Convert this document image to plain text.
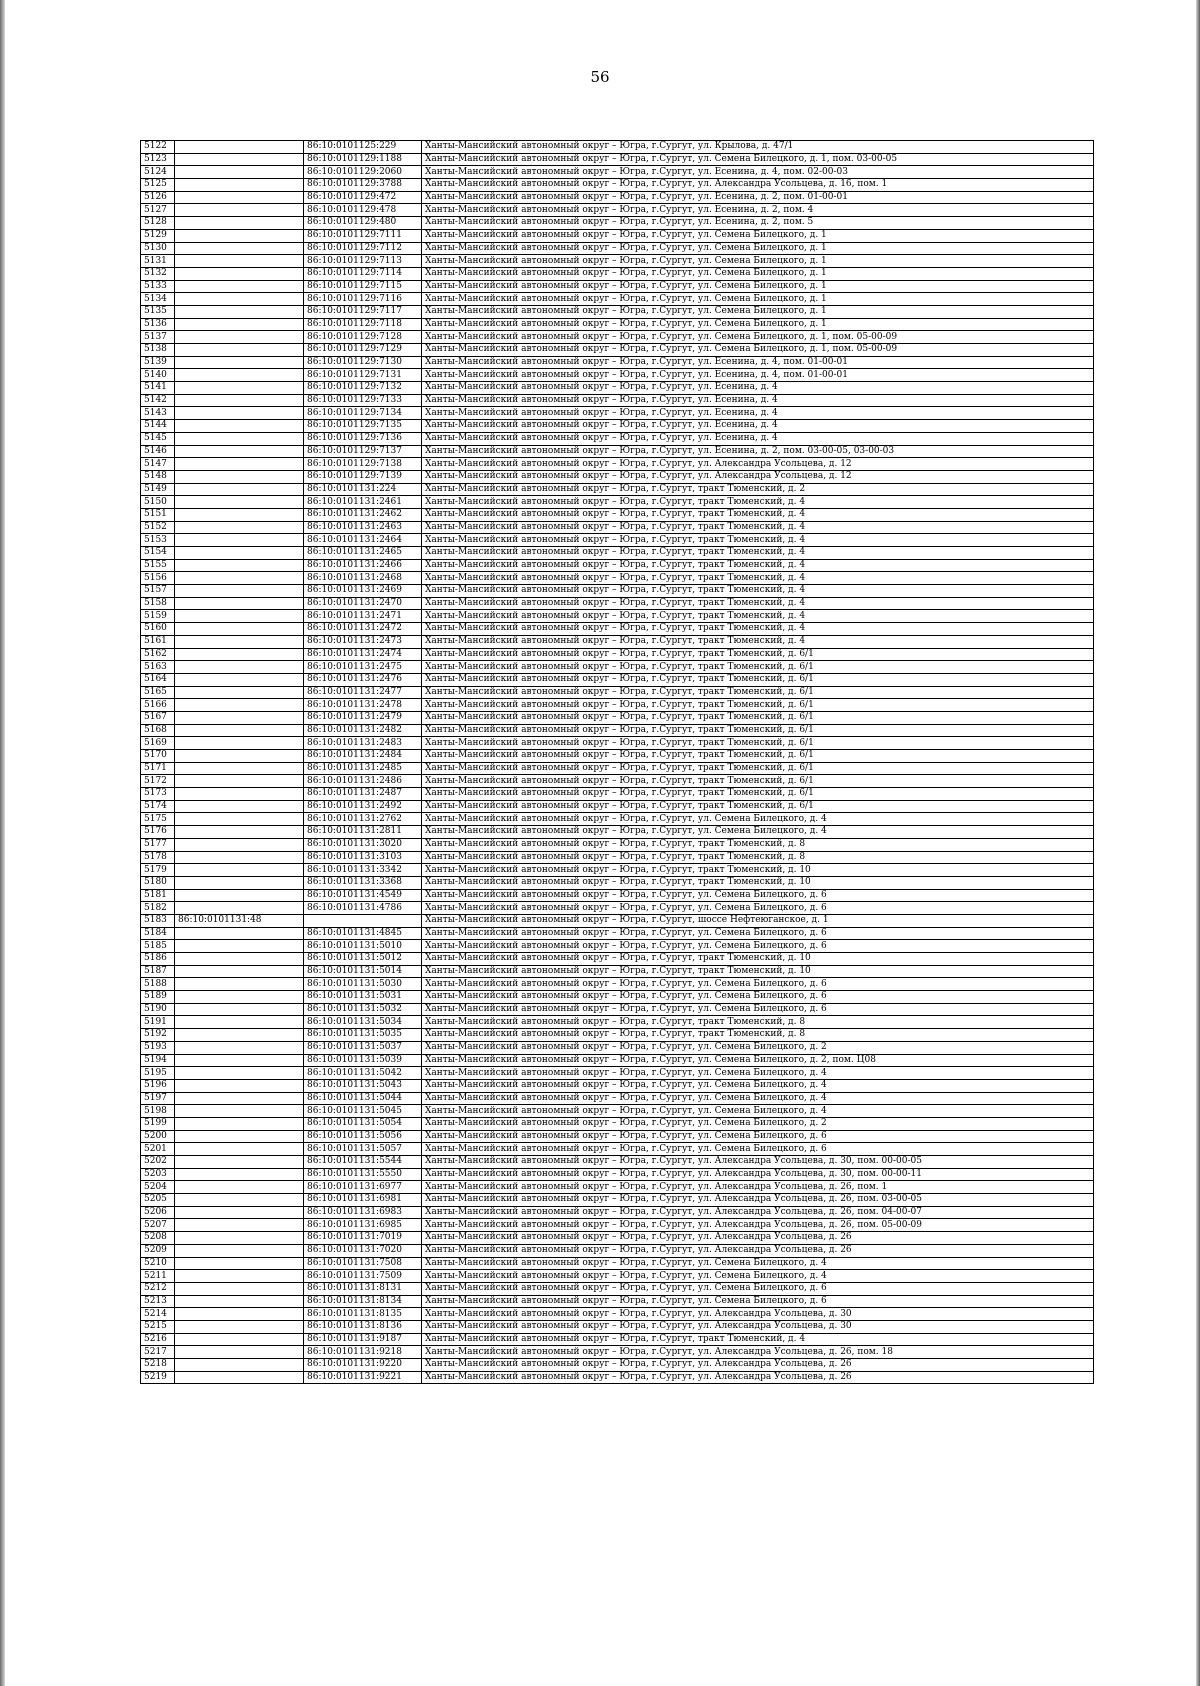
56
5122		86:10:0101125:229	Ханты-Мансийский автономный округ – Югра, г.Сургут, ул. Крылова, д. 47/1
5123		86:10:0101129:1188	Ханты-Мансийский автономный округ – Югра, г.Сургут, ул. Семена Билецкого, д. 1, пом. 03-00-05
5124		86:10:0101129:2060	Ханты-Мансийский автономный округ – Югра, г.Сургут, ул. Есенина, д. 4, пом. 02-00-03
5125		86:10:0101129:3788	Ханты-Мансийский автономный округ – Югра, г.Сургут, ул. Александра Усольцева, д. 16, пом. 1
5126		86:10:0101129:472	Ханты-Мансийский автономный округ – Югра, г.Сургут, ул. Есенина, д. 2, пом. 01-00-01
5127		86:10:0101129:478	Ханты-Мансийский автономный округ – Югра, г.Сургут, ул. Есенина, д. 2, пом. 4
5128		86:10:0101129:480	Ханты-Мансийский автономный округ – Югра, г.Сургут, ул. Есенина, д. 2, пом. 5
5129		86:10:0101129:7111	Ханты-Мансийский автономный округ – Югра, г.Сургут, ул. Семена Билецкого, д. 1
5130		86:10:0101129:7112	Ханты-Мансийский автономный округ – Югра, г.Сургут, ул. Семена Билецкого, д. 1
5131		86:10:0101129:7113	Ханты-Мансийский автономный округ – Югра, г.Сургут, ул. Семена Билецкого, д. 1
5132		86:10:0101129:7114	Ханты-Мансийский автономный округ – Югра, г.Сургут, ул. Семена Билецкого, д. 1
5133		86:10:0101129:7115	Ханты-Мансийский автономный округ – Югра, г.Сургут, ул. Семена Билецкого, д. 1
5134		86:10:0101129:7116	Ханты-Мансийский автономный округ – Югра, г.Сургут, ул. Семена Билецкого, д. 1
5135		86:10:0101129:7117	Ханты-Мансийский автономный округ – Югра, г.Сургут, ул. Семена Билецкого, д. 1
5136		86:10:0101129:7118	Ханты-Мансийский автономный округ – Югра, г.Сургут, ул. Семена Билецкого, д. 1
5137		86:10:0101129:7128	Ханты-Мансийский автономный округ – Югра, г.Сургут, ул. Семена Билецкого, д. 1, пом. 05-00-09
5138		86:10:0101129:7129	Ханты-Мансийский автономный округ – Югра, г.Сургут, ул. Семена Билецкого, д. 1, пом. 05-00-09
5139		86:10:0101129:7130	Ханты-Мансийский автономный округ – Югра, г.Сургут, ул. Есенина, д. 4, пом. 01-00-01
5140		86:10:0101129:7131	Ханты-Мансийский автономный округ – Югра, г.Сургут, ул. Есенина, д. 4, пом. 01-00-01
5141		86:10:0101129:7132	Ханты-Мансийский автономный округ – Югра, г.Сургут, ул. Есенина, д. 4
5142		86:10:0101129:7133	Ханты-Мансийский автономный округ – Югра, г.Сургут, ул. Есенина, д. 4
5143		86:10:0101129:7134	Ханты-Мансийский автономный округ – Югра, г.Сургут, ул. Есенина, д. 4
5144		86:10:0101129:7135	Ханты-Мансийский автономный округ – Югра, г.Сургут, ул. Есенина, д. 4
5145		86:10:0101129:7136	Ханты-Мансийский автономный округ – Югра, г.Сургут, ул. Есенина, д. 4
5146		86:10:0101129:7137	Ханты-Мансийский автономный округ – Югра, г.Сургут, ул. Есенина, д. 2, пом. 03-00-05, 03-00-03
5147		86:10:0101129:7138	Ханты-Мансийский автономный округ – Югра, г.Сургут, ул. Александра Усольцева, д. 12
5148		86:10:0101129:7139	Ханты-Мансийский автономный округ – Югра, г.Сургут, ул. Александра Усольцева, д. 12
5149		86:10:0101131:224	Ханты-Мансийский автономный округ – Югра, г.Сургут, тракт Тюменский, д. 2
5150		86:10:0101131:2461	Ханты-Мансийский автономный округ – Югра, г.Сургут, тракт Тюменский, д. 4
5151		86:10:0101131:2462	Ханты-Мансийский автономный округ – Югра, г.Сургут, тракт Тюменский, д. 4
5152		86:10:0101131:2463	Ханты-Мансийский автономный округ – Югра, г.Сургут, тракт Тюменский, д. 4
5153		86:10:0101131:2464	Ханты-Мансийский автономный округ – Югра, г.Сургут, тракт Тюменский, д. 4
5154		86:10:0101131:2465	Ханты-Мансийский автономный округ – Югра, г.Сургут, тракт Тюменский, д. 4
5155		86:10:0101131:2466	Ханты-Мансийский автономный округ – Югра, г.Сургут, тракт Тюменский, д. 4
5156		86:10:0101131:2468	Ханты-Мансийский автономный округ – Югра, г.Сургут, тракт Тюменский, д. 4
5157		86:10:0101131:2469	Ханты-Мансийский автономный округ – Югра, г.Сургут, тракт Тюменский, д. 4
5158		86:10:0101131:2470	Ханты-Мансийский автономный округ – Югра, г.Сургут, тракт Тюменский, д. 4
5159		86:10:0101131:2471	Ханты-Мансийский автономный округ – Югра, г.Сургут, тракт Тюменский, д. 4
5160		86:10:0101131:2472	Ханты-Мансийский автономный округ – Югра, г.Сургут, тракт Тюменский, д. 4
5161		86:10:0101131:2473	Ханты-Мансийский автономный округ – Югра, г.Сургут, тракт Тюменский, д. 4
5162		86:10:0101131:2474	Ханты-Мансийский автономный округ – Югра, г.Сургут, тракт Тюменский, д. 6/1
5163		86:10:0101131:2475	Ханты-Мансийский автономный округ – Югра, г.Сургут, тракт Тюменский, д. 6/1
5164		86:10:0101131:2476	Ханты-Мансийский автономный округ – Югра, г.Сургут, тракт Тюменский, д. 6/1
5165		86:10:0101131:2477	Ханты-Мансийский автономный округ – Югра, г.Сургут, тракт Тюменский, д. 6/1
5166		86:10:0101131:2478	Ханты-Мансийский автономный округ – Югра, г.Сургут, тракт Тюменский, д. 6/1
5167		86:10:0101131:2479	Ханты-Мансийский автономный округ – Югра, г.Сургут, тракт Тюменский, д. 6/1
5168		86:10:0101131:2482	Ханты-Мансийский автономный округ – Югра, г.Сургут, тракт Тюменский, д. 6/1
5169		86:10:0101131:2483	Ханты-Мансийский автономный округ – Югра, г.Сургут, тракт Тюменский, д. 6/1
5170		86:10:0101131:2484	Ханты-Мансийский автономный округ – Югра, г.Сургут, тракт Тюменский, д. 6/1
5171		86:10:0101131:2485	Ханты-Мансийский автономный округ – Югра, г.Сургут, тракт Тюменский, д. 6/1
5172		86:10:0101131:2486	Ханты-Мансийский автономный округ – Югра, г.Сургут, тракт Тюменский, д. 6/1
5173		86:10:0101131:2487	Ханты-Мансийский автономный округ – Югра, г.Сургут, тракт Тюменский, д. 6/1
5174		86:10:0101131:2492	Ханты-Мансийский автономный округ – Югра, г.Сургут, тракт Тюменский, д. 6/1
5175		86:10:0101131:2762	Ханты-Мансийский автономный округ – Югра, г.Сургут, ул. Семена Билецкого, д. 4
5176		86:10:0101131:2811	Ханты-Мансийский автономный округ – Югра, г.Сургут, ул. Семена Билецкого, д. 4
5177		86:10:0101131:3020	Ханты-Мансийский автономный округ – Югра, г.Сургут, тракт Тюменский, д. 8
5178		86:10:0101131:3103	Ханты-Мансийский автономный округ – Югра, г.Сургут, тракт Тюменский, д. 8
5179		86:10:0101131:3342	Ханты-Мансийский автономный округ – Югра, г.Сургут, тракт Тюменский, д. 10
5180		86:10:0101131:3368	Ханты-Мансийский автономный округ – Югра, г.Сургут, тракт Тюменский, д. 10
5181		86:10:0101131:4549	Ханты-Мансийский автономный округ – Югра, г.Сургут, ул. Семена Билецкого, д. 6
5182		86:10:0101131:4786	Ханты-Мансийский автономный округ – Югра, г.Сургут, ул. Семена Билецкого, д. 6
5183	86:10:0101131:48		Ханты-Мансийский автономный округ – Югра, г.Сургут, шоссе Нефтеюганское, д. 1
5184		86:10:0101131:4845	Ханты-Мансийский автономный округ – Югра, г.Сургут, ул. Семена Билецкого, д. 6
5185		86:10:0101131:5010	Ханты-Мансийский автономный округ – Югра, г.Сургут, ул. Семена Билецкого, д. 6
5186		86:10:0101131:5012	Ханты-Мансийский автономный округ – Югра, г.Сургут, тракт Тюменский, д. 10
5187		86:10:0101131:5014	Ханты-Мансийский автономный округ – Югра, г.Сургут, тракт Тюменский, д. 10
5188		86:10:0101131:5030	Ханты-Мансийский автономный округ – Югра, г.Сургут, ул. Семена Билецкого, д. 6
5189		86:10:0101131:5031	Ханты-Мансийский автономный округ – Югра, г.Сургут, ул. Семена Билецкого, д. 6
5190		86:10:0101131:5032	Ханты-Мансийский автономный округ – Югра, г.Сургут, ул. Семена Билецкого, д. 6
5191		86:10:0101131:5034	Ханты-Мансийский автономный округ – Югра, г.Сургут, тракт Тюменский, д. 8
5192		86:10:0101131:5035	Ханты-Мансийский автономный округ – Югра, г.Сургут, тракт Тюменский, д. 8
5193		86:10:0101131:5037	Ханты-Мансийский автономный округ – Югра, г.Сургут, ул. Семена Билецкого, д. 2
5194		86:10:0101131:5039	Ханты-Мансийский автономный округ – Югра, г.Сургут, ул. Семена Билецкого, д. 2, пом. Ц08
5195		86:10:0101131:5042	Ханты-Мансийский автономный округ – Югра, г.Сургут, ул. Семена Билецкого, д. 4
5196		86:10:0101131:5043	Ханты-Мансийский автономный округ – Югра, г.Сургут, ул. Семена Билецкого, д. 4
5197		86:10:0101131:5044	Ханты-Мансийский автономный округ – Югра, г.Сургут, ул. Семена Билецкого, д. 4
5198		86:10:0101131:5045	Ханты-Мансийский автономный округ – Югра, г.Сургут, ул. Семена Билецкого, д. 4
5199		86:10:0101131:5054	Ханты-Мансийский автономный округ – Югра, г.Сургут, ул. Семена Билецкого, д. 2
5200		86:10:0101131:5056	Ханты-Мансийский автономный округ – Югра, г.Сургут, ул. Семена Билецкого, д. 6
5201		86:10:0101131:5057	Ханты-Мансийский автономный округ – Югра, г.Сургут, ул. Семена Билецкого, д. 6
5202		86:10:0101131:5544	Ханты-Мансийский автономный округ – Югра, г.Сургут, ул. Александра Усольцева, д. 30, пом. 00-00-05
5203		86:10:0101131:5550	Ханты-Мансийский автономный округ – Югра, г.Сургут, ул. Александра Усольцева, д. 30, пом. 00-00-11
5204		86:10:0101131:6977	Ханты-Мансийский автономный округ – Югра, г.Сургут, ул. Александра Усольцева, д. 26, пом. 1
5205		86:10:0101131:6981	Ханты-Мансийский автономный округ – Югра, г.Сургут, ул. Александра Усольцева, д. 26, пом. 03-00-05
5206		86:10:0101131:6983	Ханты-Мансийский автономный округ – Югра, г.Сургут, ул. Александра Усольцева, д. 26, пом. 04-00-07
5207		86:10:0101131:6985	Ханты-Мансийский автономный округ – Югра, г.Сургут, ул. Александра Усольцева, д. 26, пом. 05-00-09
5208		86:10:0101131:7019	Ханты-Мансийский автономный округ – Югра, г.Сургут, ул. Александра Усольцева, д. 26
5209		86:10:0101131:7020	Ханты-Мансийский автономный округ – Югра, г.Сургут, ул. Александра Усольцева, д. 26
5210		86:10:0101131:7508	Ханты-Мансийский автономный округ – Югра, г.Сургут, ул. Семена Билецкого, д. 4
5211		86:10:0101131:7509	Ханты-Мансийский автономный округ – Югра, г.Сургут, ул. Семена Билецкого, д. 4
5212		86:10:0101131:8131	Ханты-Мансийский автономный округ – Югра, г.Сургут, ул. Семена Билецкого, д. 6
5213		86:10:0101131:8134	Ханты-Мансийский автономный округ – Югра, г.Сургут, ул. Семена Билецкого, д. 6
5214		86:10:0101131:8135	Ханты-Мансийский автономный округ – Югра, г.Сургут, ул. Александра Усольцева, д. 30
5215		86:10:0101131:8136	Ханты-Мансийский автономный округ – Югра, г.Сургут, ул. Александра Усольцева, д. 30
5216		86:10:0101131:9187	Ханты-Мансийский автономный округ – Югра, г.Сургут, тракт Тюменский, д. 4
5217		86:10:0101131:9218	Ханты-Мансийский автономный округ – Югра, г.Сургут, ул. Александра Усольцева, д. 26, пом. 18
5218		86:10:0101131:9220	Ханты-Мансийский автономный округ – Югра, г.Сургут, ул. Александра Усольцева, д. 26
5219		86:10:0101131:9221	Ханты-Мансийский автономный округ – Югра, г.Сургут, ул. Александра Усольцева, д. 26
